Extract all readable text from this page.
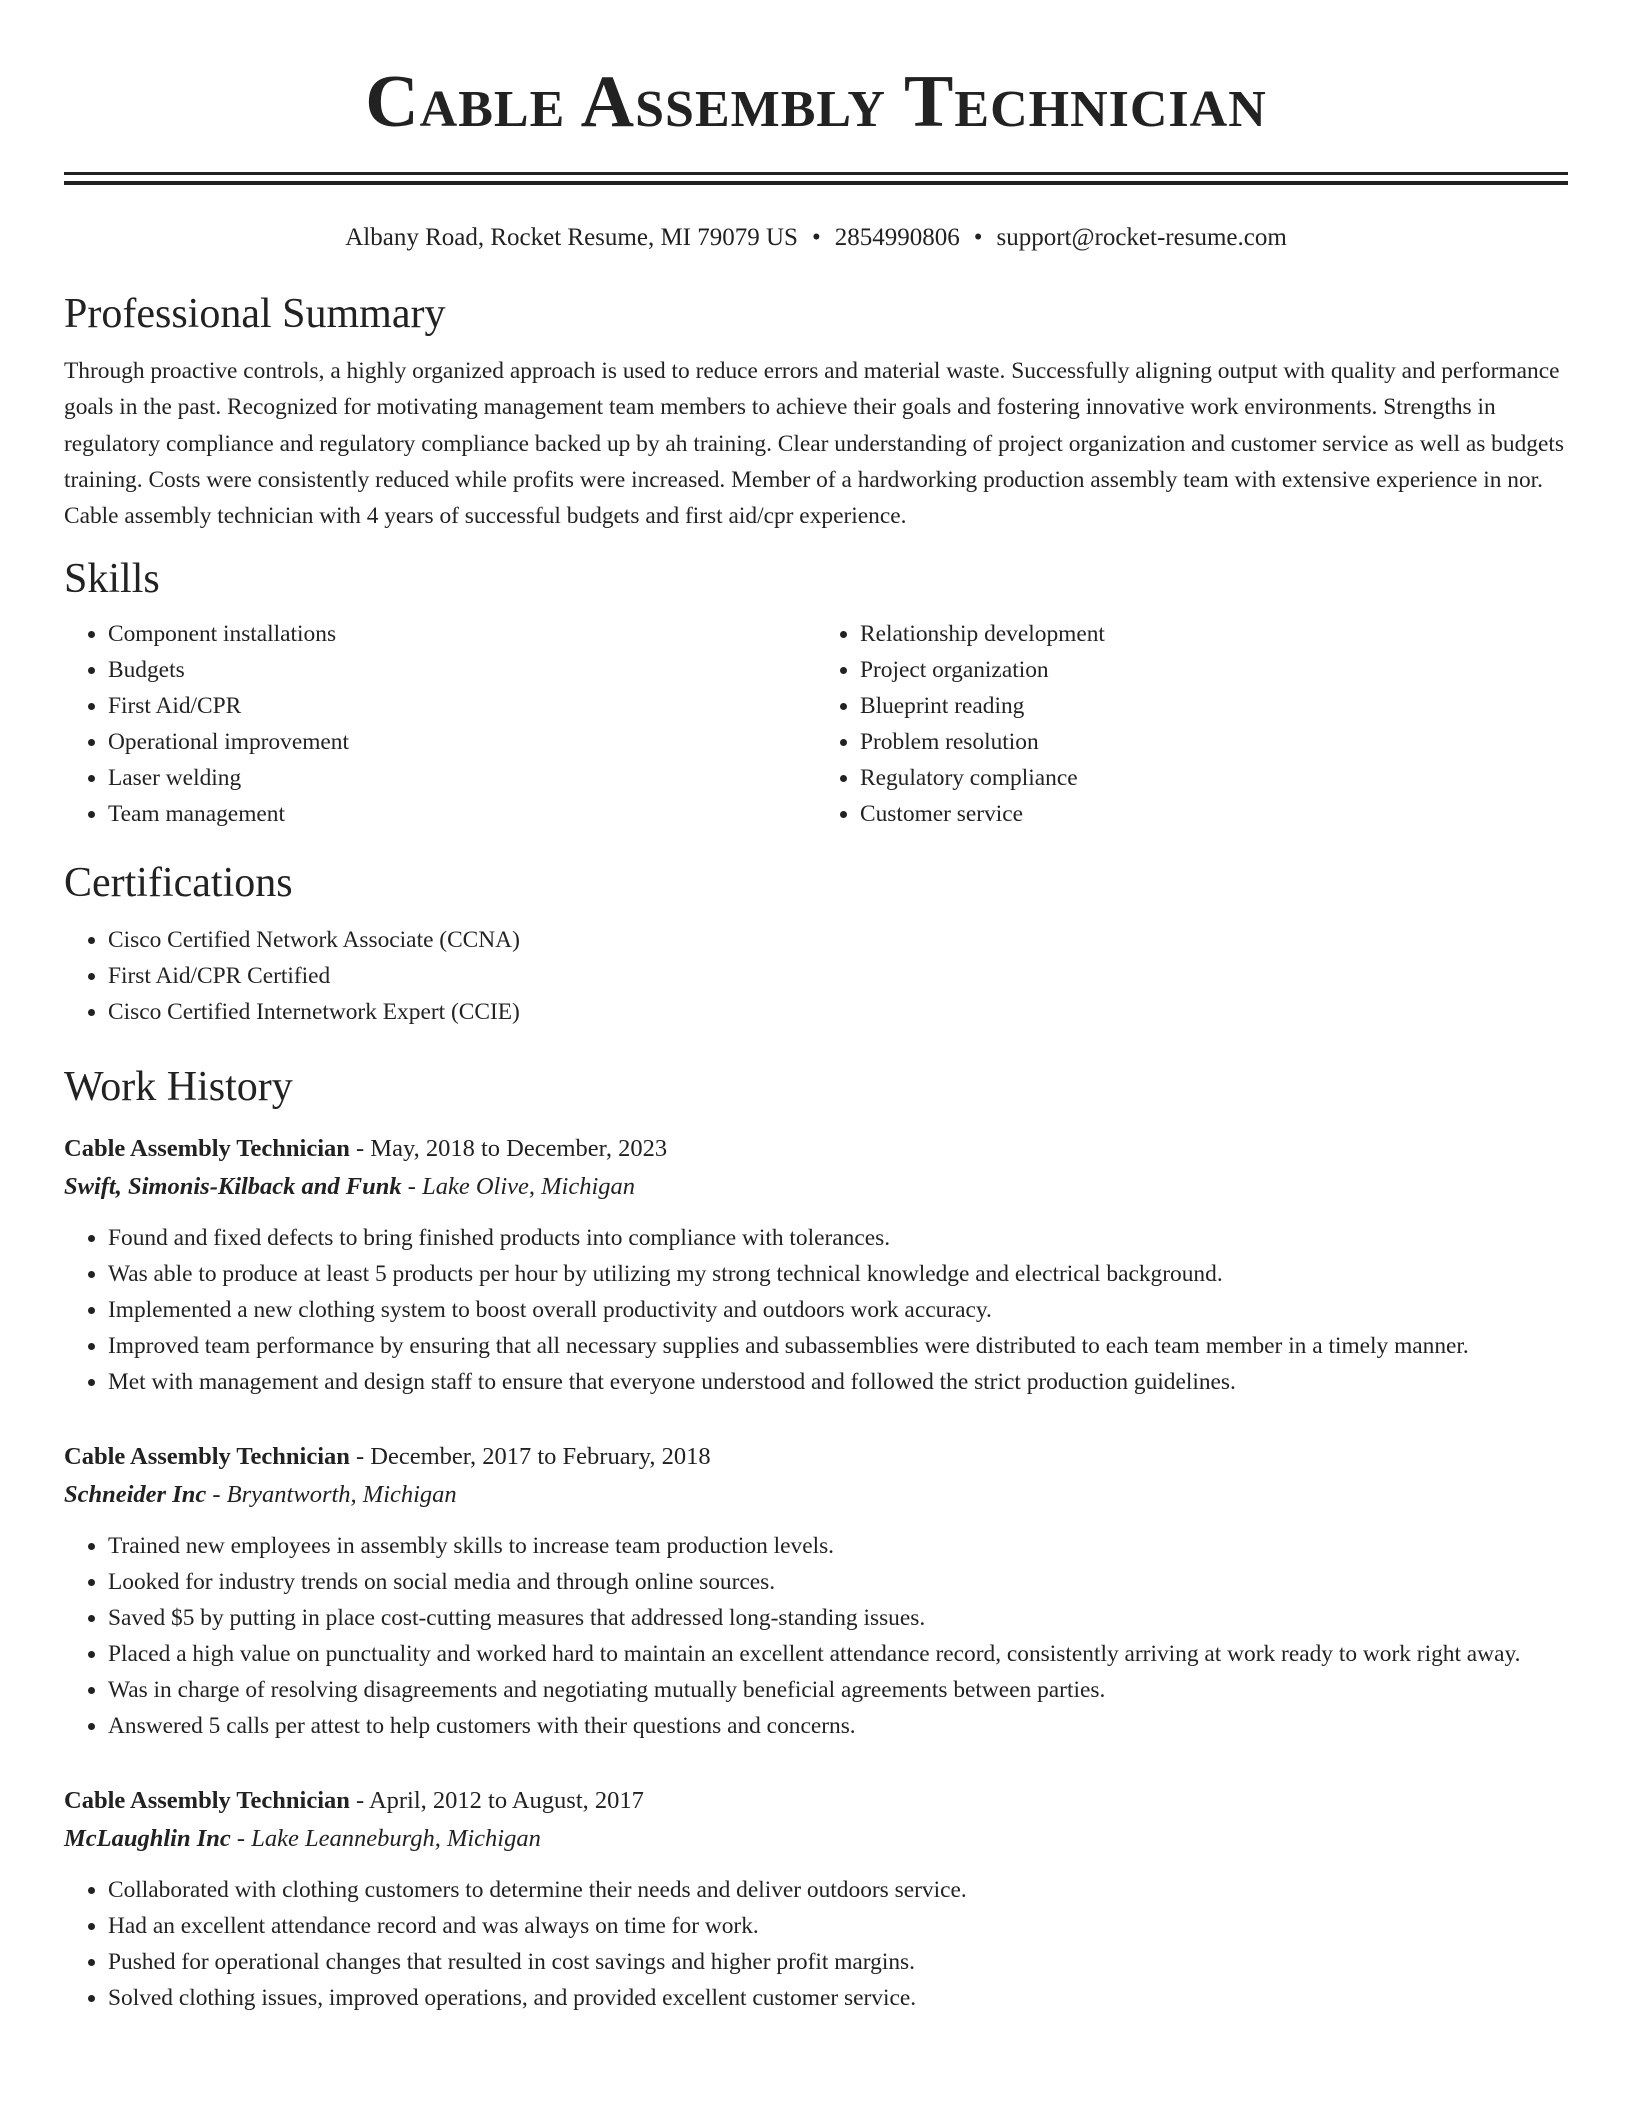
Cable Assembly Technician
Albany Road, Rocket Resume, MI 79079 US • 2854990806 • support@rocket-resume.com
Professional Summary
Through proactive controls, a highly organized approach is used to reduce errors and material waste. Successfully aligning output with quality and performance goals in the past. Recognized for motivating management team members to achieve their goals and fostering innovative work environments. Strengths in regulatory compliance and regulatory compliance backed up by ah training. Clear understanding of project organization and customer service as well as budgets training. Costs were consistently reduced while profits were increased. Member of a hardworking production assembly team with extensive experience in nor. Cable assembly technician with 4 years of successful budgets and first aid/cpr experience.
Skills
• Component installations
• Budgets
• First Aid/CPR
• Operational improvement
• Laser welding
• Team management
• Relationship development
• Project organization
• Blueprint reading
• Problem resolution
• Regulatory compliance
• Customer service
Certifications
• Cisco Certified Network Associate (CCNA)
• First Aid/CPR Certified
• Cisco Certified Internetwork Expert (CCIE)
Work History
Cable Assembly Technician - May, 2018 to December, 2023
Swift, Simonis-Kilback and Funk - Lake Olive, Michigan
• Found and fixed defects to bring finished products into compliance with tolerances.
• Was able to produce at least 5 products per hour by utilizing my strong technical knowledge and electrical background.
• Implemented a new clothing system to boost overall productivity and outdoors work accuracy.
• Improved team performance by ensuring that all necessary supplies and subassemblies were distributed to each team member in a timely manner.
• Met with management and design staff to ensure that everyone understood and followed the strict production guidelines.
Cable Assembly Technician - December, 2017 to February, 2018
Schneider Inc - Bryantworth, Michigan
• Trained new employees in assembly skills to increase team production levels.
• Looked for industry trends on social media and through online sources.
• Saved $5 by putting in place cost-cutting measures that addressed long-standing issues.
• Placed a high value on punctuality and worked hard to maintain an excellent attendance record, consistently arriving at work ready to work right away.
• Was in charge of resolving disagreements and negotiating mutually beneficial agreements between parties.
• Answered 5 calls per attest to help customers with their questions and concerns.
Cable Assembly Technician - April, 2012 to August, 2017
McLaughlin Inc - Lake Leanneburgh, Michigan
• Collaborated with clothing customers to determine their needs and deliver outdoors service.
• Had an excellent attendance record and was always on time for work.
• Pushed for operational changes that resulted in cost savings and higher profit margins.
• Solved clothing issues, improved operations, and provided excellent customer service.
